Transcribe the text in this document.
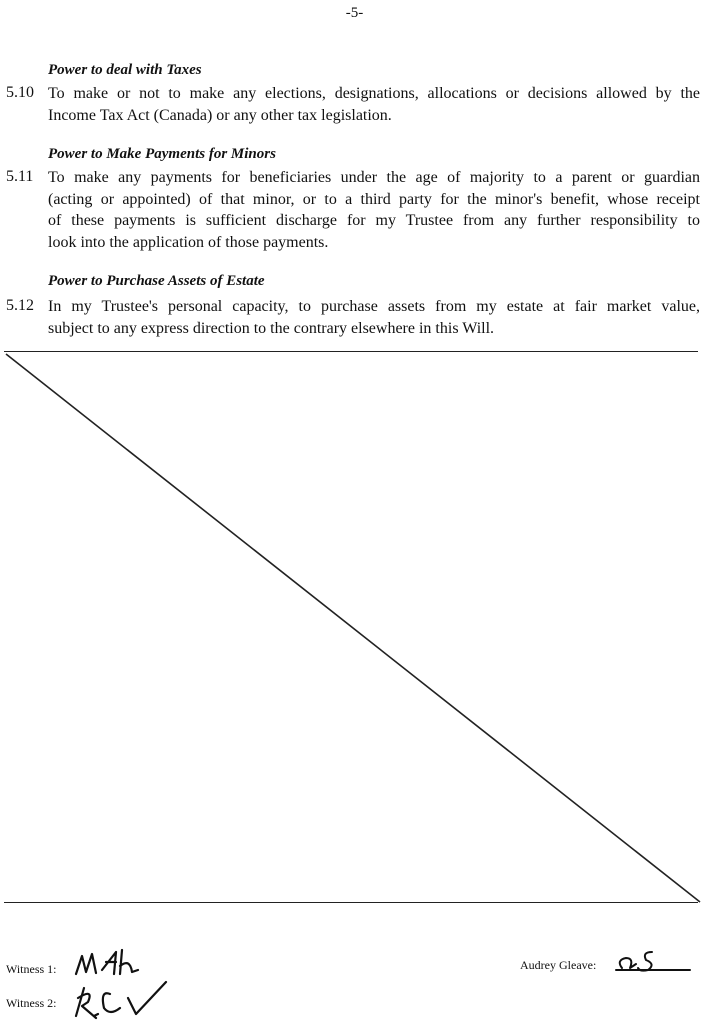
-5-
Power to deal with Taxes
5.10 To make or not to make any elections, designations, allocations or decisions allowed by the
Income Tax Act (Canada) or any other tax legislation.
Power to Make Payments for Minors
5.11 To make any payments for beneficiaries under the age of majority to a parent or guardian
(acting or appointed) of that minor, or to a third party for the minor's benefit, whose receipt
of these payments is sufficient discharge for my Trustee from any further responsibility to
look into the application of those payments.
Power to Purchase Assets of Estate
5.12 In my Trustee's personal capacity, to purchase assets from my estate at fair market value,
subject to any express direction to the contrary elsewhere in this Will.
Witness 1:
Witness 2:
Audrey Gleave:
